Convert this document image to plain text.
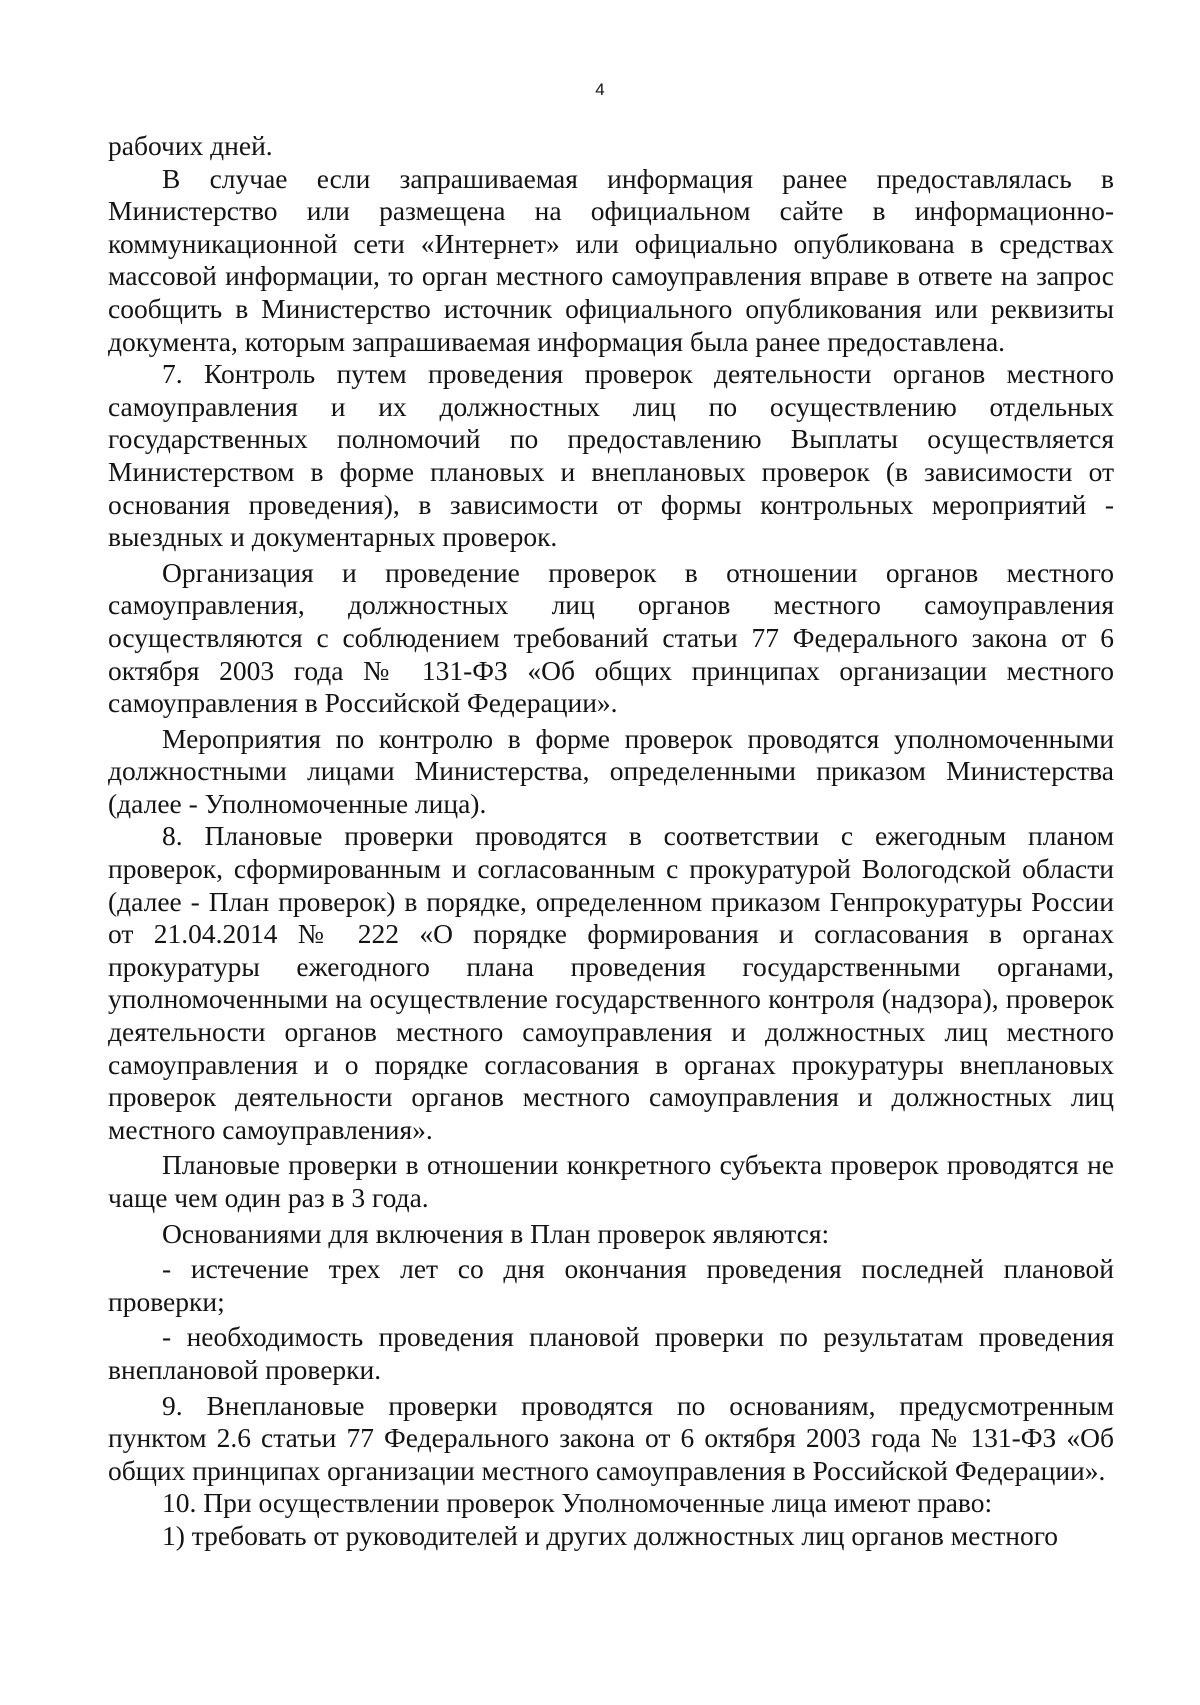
4

рабочих дней.

В случае если запрашиваемая информация ранее предоставлялась в Министерство или размещена на официальном сайте в информационно-коммуникационной сети «Интернет» или официально опубликована в средствах массовой информации, то орган местного самоуправления вправе в ответе на запрос сообщить в Министерство источник официального опубликования или реквизиты документа, которым запрашиваемая информация была ранее предоставлена.

7. Контроль путем проведения проверок деятельности органов местного самоуправления и их должностных лиц по осуществлению отдельных государственных полномочий по предоставлению Выплаты осуществляется Министерством в форме плановых и внеплановых проверок (в зависимости от основания проведения), в зависимости от формы контрольных мероприятий - выездных и документарных проверок.

Организация и проведение проверок в отношении органов местного самоуправления, должностных лиц органов местного самоуправления осуществляются с соблюдением требований статьи 77 Федерального закона от 6 октября 2003 года № 131-ФЗ «Об общих принципах организации местного самоуправления в Российской Федерации».

Мероприятия по контролю в форме проверок проводятся уполномоченными должностными лицами Министерства, определенными приказом Министерства (далее - Уполномоченные лица).

8. Плановые проверки проводятся в соответствии с ежегодным планом проверок, сформированным и согласованным с прокуратурой Вологодской области (далее - План проверок) в порядке, определенном приказом Генпрокуратуры России от 21.04.2014 № 222 «О порядке формирования и согласования в органах прокуратуры ежегодного плана проведения государственными органами, уполномоченными на осуществление государственного контроля (надзора), проверок деятельности органов местного самоуправления и должностных лиц местного самоуправления и о порядке согласования в органах прокуратуры внеплановых проверок деятельности органов местного самоуправления и должностных лиц местного самоуправления».

Плановые проверки в отношении конкретного субъекта проверок проводятся не чаще чем один раз в 3 года.

Основаниями для включения в План проверок являются:

- истечение трех лет со дня окончания проведения последней плановой проверки;

- необходимость проведения плановой проверки по результатам проведения внеплановой проверки.

9. Внеплановые проверки проводятся по основаниям, предусмотренным пунктом 2.6 статьи 77 Федерального закона от 6 октября 2003 года № 131-ФЗ «Об общих принципах организации местного самоуправления в Российской Федерации».

10. При осуществлении проверок Уполномоченные лица имеют право:

1) требовать от руководителей и других должностных лиц органов местного
